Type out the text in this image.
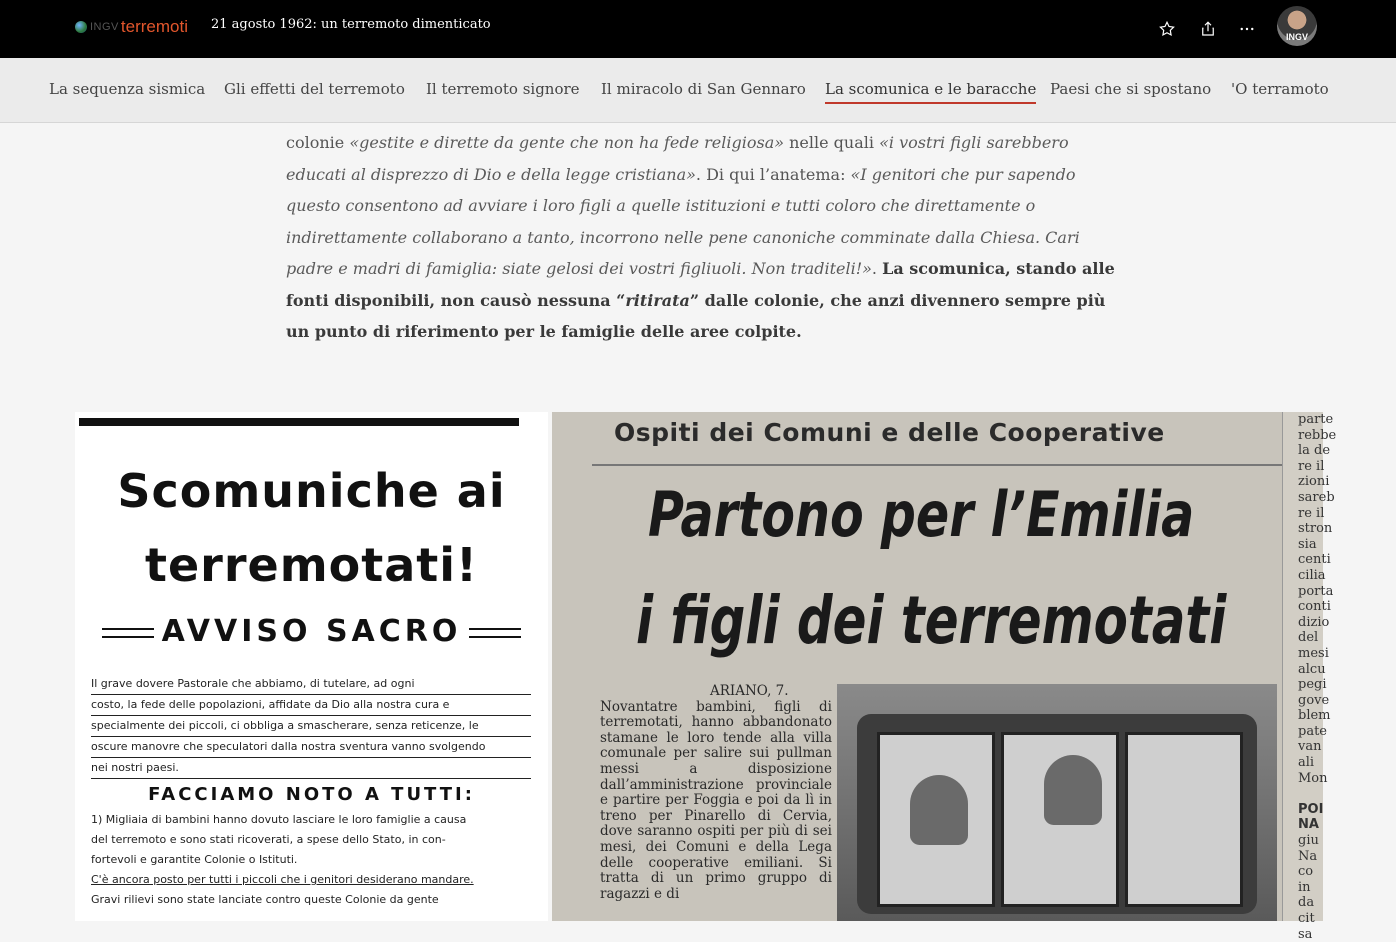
INGV terremoti 21 agosto 1962: un terremoto dimenticato
INGV
La sequenza sismica Gli effetti del terremoto Il terremoto signore Il miracolo di San Gennaro La scomunica e le baracche Paesi che si spostano 'O terramoto
colonie «gestite e dirette da gente che non ha fede religiosa» nelle quali «i vostri figli sarebbero educati al disprezzo di Dio e della legge cristiana». Di qui l’anatema: «I genitori che pur sapendo questo consentono ad avviare i loro figli a quelle istituzioni e tutti coloro che direttamente o indirettamente collaborano a tanto, incorrono nelle pene canoniche comminate dalla Chiesa. Cari padre e madri di famiglia: siate gelosi dei vostri figliuoli. Non traditeli!». La scomunica, stando alle fonti disponibili, non causò nessuna “ritirata” dalle colonie, che anzi divennero sempre più un punto di riferimento per le famiglie delle aree colpite.
Scomuniche ai
terremotati!
AVVISO SACRO
Il grave dovere Pastorale che abbiamo, di tutelare, ad ogni
costo, la fede delle popolazioni, affidate da Dio alla nostra cura e
specialmente dei piccoli, ci obbliga a smascherare, senza reticenze, le
oscure manovre che speculatori dalla nostra sventura vanno svolgendo
nei nostri paesi.
FACCIAMO NOTO A TUTTI:
1) Migliaia di bambini hanno dovuto lasciare le loro famiglie a causa
del terremoto e sono stati ricoverati, a spese dello Stato, in con-
fortevoli e garantite Colonie o Istituti.
C'è ancora posto per tutti i piccoli che i genitori desiderano mandare.
Gravi rilievi sono state lanciate contro queste Colonie da gente
Ospiti dei Comuni e delle Cooperative
Partono per l’Emilia
i figli dei terremotati
ARIANO, 7.
Novantatre bambini, figli di terremotati, hanno abbandonato stamane le loro tende alla villa comunale per salire sui pullman messi a disposizione dall’amministrazione provinciale e partire per Foggia e poi da lì in treno per Pinarello di Cervia, dove saranno ospiti per più di sei mesi, dei Comuni e della Lega delle cooperative emiliani. Si tratta di un primo gruppo di ragazzi e di
parte
rebbe
la de
re il
zioni
sareb
re il
stron
sia
centi
cilia
porta
conti
dizio
del
mesi
alcu
pegi
gove
blem
pate
van
ali
Mon
POI
NA
giu
Na
co
in
da
cit
sa
